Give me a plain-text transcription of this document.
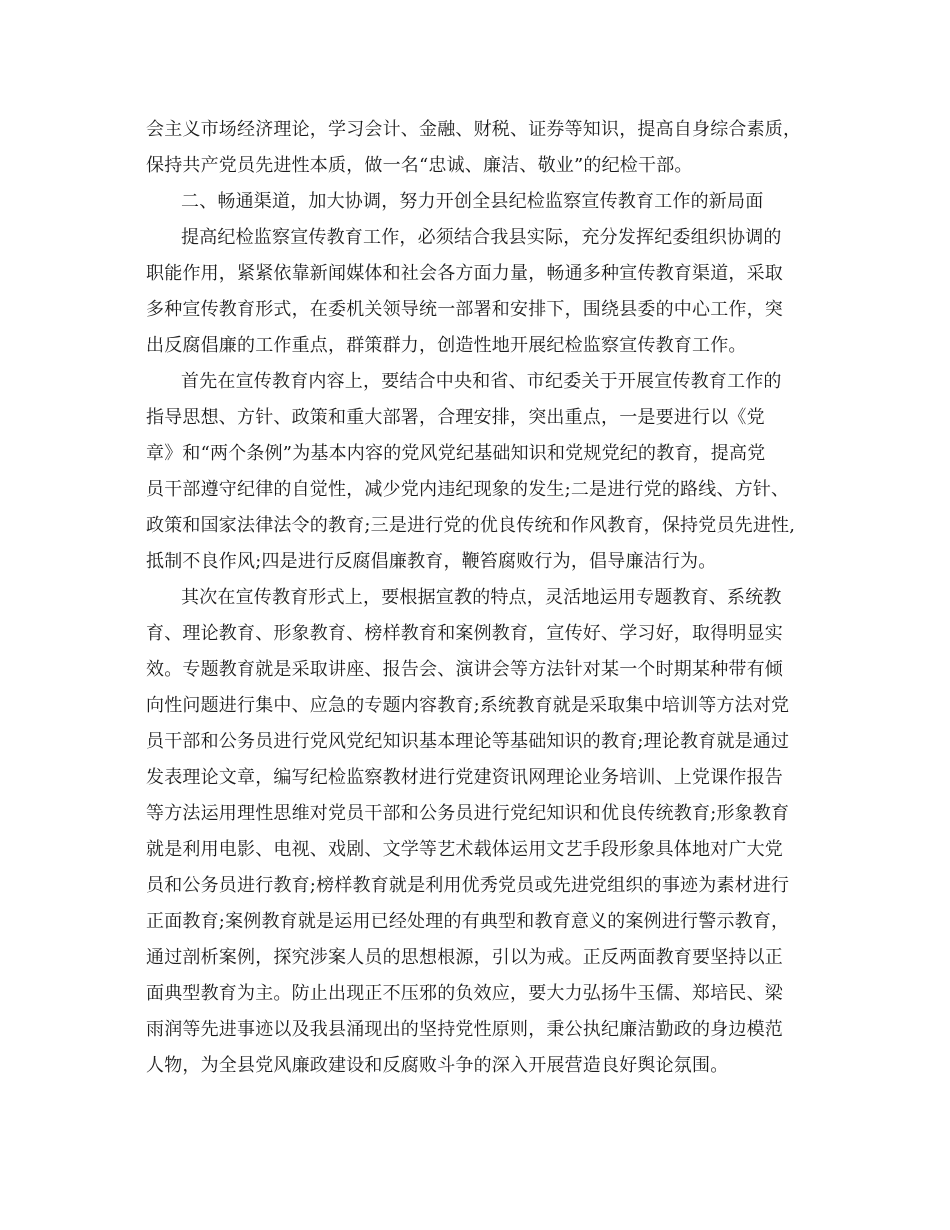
会主义市场经济理论，学习会计、金融、财税、证券等知识，提高自身综合素质，
保持共产党员先进性本质，做一名“忠诚、廉洁、敬业”的纪检干部。
二、畅通渠道，加大协调，努力开创全县纪检监察宣传教育工作的新局面
提高纪检监察宣传教育工作，必须结合我县实际，充分发挥纪委组织协调的
职能作用，紧紧依靠新闻媒体和社会各方面力量，畅通多种宣传教育渠道，采取
多种宣传教育形式，在委机关领导统一部署和安排下，围绕县委的中心工作，突
出反腐倡廉的工作重点，群策群力，创造性地开展纪检监察宣传教育工作。
首先在宣传教育内容上，要结合中央和省、市纪委关于开展宣传教育工作的
指导思想、方针、政策和重大部署，合理安排，突出重点，一是要进行以《党
章》和“两个条例”为基本内容的党风党纪基础知识和党规党纪的教育，提高党
员干部遵守纪律的自觉性，减少党内违纪现象的发生;二是进行党的路线、方针、
政策和国家法律法令的教育;三是进行党的优良传统和作风教育，保持党员先进性,
抵制不良作风;四是进行反腐倡廉教育，鞭笞腐败行为，倡导廉洁行为。
其次在宣传教育形式上，要根据宣教的特点，灵活地运用专题教育、系统教
育、理论教育、形象教育、榜样教育和案例教育，宣传好、学习好，取得明显实
效。专题教育就是采取讲座、报告会、演讲会等方法针对某一个时期某种带有倾
向性问题进行集中、应急的专题内容教育;系统教育就是采取集中培训等方法对党
员干部和公务员进行党风党纪知识基本理论等基础知识的教育;理论教育就是通过
发表理论文章，编写纪检监察教材进行党建资讯网理论业务培训、上党课作报告
等方法运用理性思维对党员干部和公务员进行党纪知识和优良传统教育;形象教育
就是利用电影、电视、戏剧、文学等艺术载体运用文艺手段形象具体地对广大党
员和公务员进行教育;榜样教育就是利用优秀党员或先进党组织的事迹为素材进行
正面教育;案例教育就是运用已经处理的有典型和教育意义的案例进行警示教育，
通过剖析案例，探究涉案人员的思想根源，引以为戒。正反两面教育要坚持以正
面典型教育为主。防止出现正不压邪的负效应，要大力弘扬牛玉儒、郑培民、梁
雨润等先进事迹以及我县涌现出的坚持党性原则，秉公执纪廉洁勤政的身边模范
人物，为全县党风廉政建设和反腐败斗争的深入开展营造良好舆论氛围。
